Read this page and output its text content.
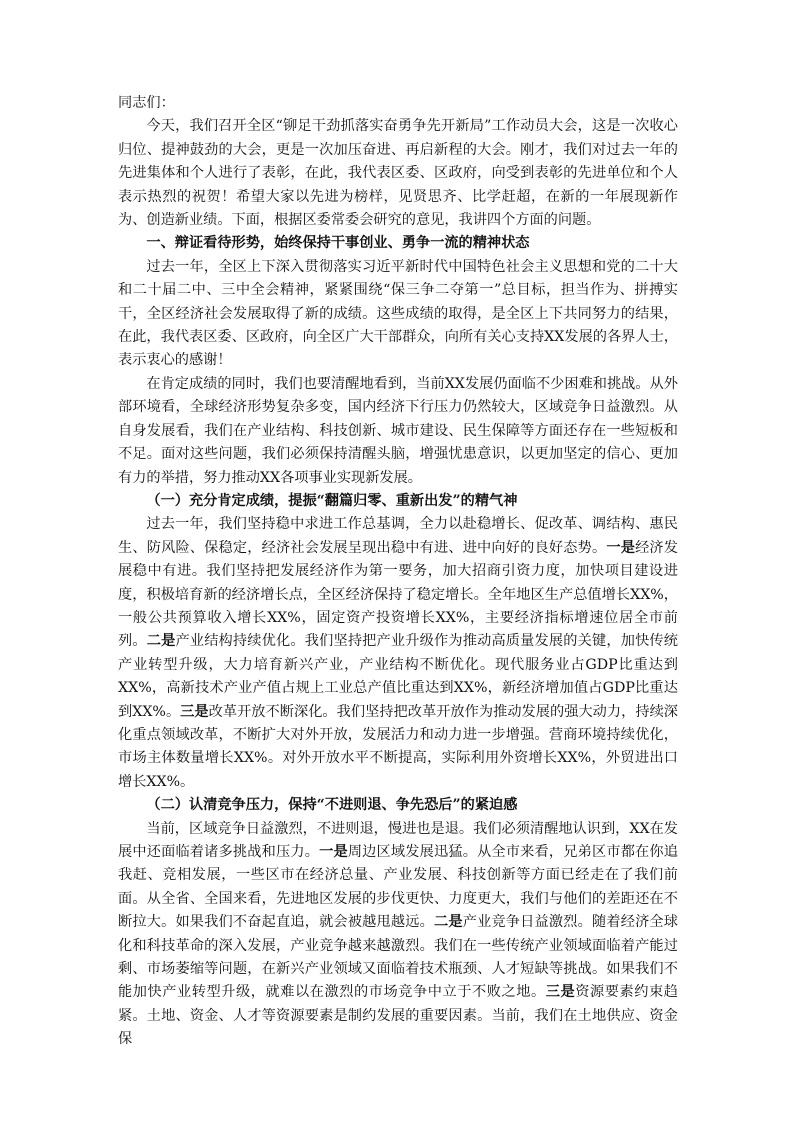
同志们：

今天，我们召开全区“铆足干劲抓落实奋勇争先开新局”工作动员大会，这是一次收心归位、提神鼓劲的大会，更是一次加压奋进、再启新程的大会。刚才，我们对过去一年的先进集体和个人进行了表彰，在此，我代表区委、区政府，向受到表彰的先进单位和个人表示热烈的祝贺！希望大家以先进为榜样，见贤思齐、比学赶超，在新的一年展现新作为、创造新业绩。下面，根据区委常委会研究的意见，我讲四个方面的问题。

一、辩证看待形势，始终保持干事创业、勇争一流的精神状态

过去一年，全区上下深入贯彻落实习近平新时代中国特色社会主义思想和党的二十大和二十届二中、三中全会精神，紧紧围绕“保三争二夺第一”总目标，担当作为、拼搏实干，全区经济社会发展取得了新的成绩。这些成绩的取得，是全区上下共同努力的结果，在此，我代表区委、区政府，向全区广大干部群众，向所有关心支持XX发展的各界人士，表示衷心的感谢！

在肯定成绩的同时，我们也要清醒地看到，当前XX发展仍面临不少困难和挑战。从外部环境看，全球经济形势复杂多变，国内经济下行压力仍然较大，区域竞争日益激烈。从自身发展看，我们在产业结构、科技创新、城市建设、民生保障等方面还存在一些短板和不足。面对这些问题，我们必须保持清醒头脑，增强忧患意识，以更加坚定的信心、更加有力的举措，努力推动XX各项事业实现新发展。

（一）充分肯定成绩，提振“翻篇归零、重新出发”的精气神

过去一年，我们坚持稳中求进工作总基调，全力以赴稳增长、促改革、调结构、惠民生、防风险、保稳定，经济社会发展呈现出稳中有进、进中向好的良好态势。一是经济发展稳中有进。我们坚持把发展经济作为第一要务，加大招商引资力度，加快项目建设进度，积极培育新的经济增长点，全区经济保持了稳定增长。全年地区生产总值增长XX%，一般公共预算收入增长XX%，固定资产投资增长XX%，主要经济指标增速位居全市前列。二是产业结构持续优化。我们坚持把产业升级作为推动高质量发展的关键，加快传统产业转型升级，大力培育新兴产业，产业结构不断优化。现代服务业占GDP比重达到XX%，高新技术产业产值占规上工业总产值比重达到XX%，新经济增加值占GDP比重达到XX%。三是改革开放不断深化。我们坚持把改革开放作为推动发展的强大动力，持续深化重点领域改革，不断扩大对外开放，发展活力和动力进一步增强。营商环境持续优化，市场主体数量增长XX%。对外开放水平不断提高，实际利用外资增长XX%，外贸进出口增长XX%。

（二）认清竞争压力，保持“不进则退、争先恐后”的紧迫感

当前，区域竞争日益激烈，不进则退，慢进也是退。我们必须清醒地认识到，XX在发展中还面临着诸多挑战和压力。一是周边区域发展迅猛。从全市来看，兄弟区市都在你追我赶、竞相发展，一些区市在经济总量、产业发展、科技创新等方面已经走在了我们前面。从全省、全国来看，先进地区发展的步伐更快、力度更大，我们与他们的差距还在不断拉大。如果我们不奋起直追，就会被越甩越远。二是产业竞争日益激烈。随着经济全球化和科技革命的深入发展，产业竞争越来越激烈。我们在一些传统产业领域面临着产能过剩、市场萎缩等问题，在新兴产业领域又面临着技术瓶颈、人才短缺等挑战。如果我们不能加快产业转型升级，就难以在激烈的市场竞争中立于不败之地。三是资源要素约束趋紧。土地、资金、人才等资源要素是制约发展的重要因素。当前，我们在土地供应、资金保
